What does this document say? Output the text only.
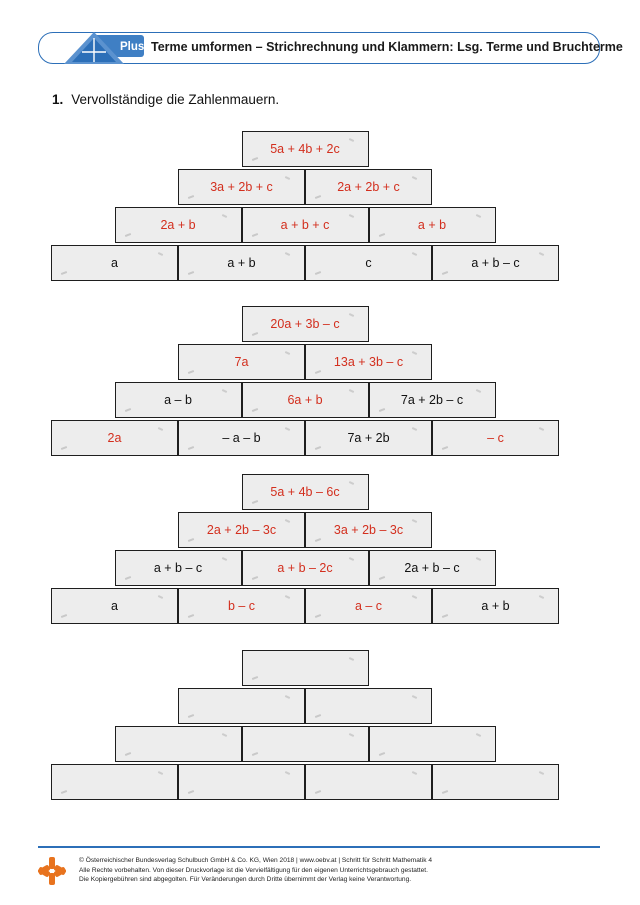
Plus Terme umformen – Strichrechnung und Klammern: Lsg. Terme und Bruchterme
1. Vervollständige die Zahlenmauern.
5a + 4b + 2c
3a + 2b + c	2a + 2b + c
2a + b	a + b + c	a + b
a	a + b	c	a + b – c
20a + 3b – c
7a	13a + 3b – c
a – b	6a + b	7a + 2b – c
2a	– a – b	7a + 2b	– c
5a + 4b – 6c
2a + 2b – 3c	3a + 2b – 3c
a + b – c	a + b – 2c	2a + b – c
a	b – c	a – c	a + b
© Österreichischer Bundesverlag Schulbuch GmbH & Co. KG, Wien 2018 | www.oebv.at | Schritt für Schritt Mathematik 4
Alle Rechte vorbehalten. Von dieser Druckvorlage ist die Vervielfältigung für den eigenen Unterrichtsgebrauch gestattet.
Die Kopiergebühren sind abgegolten. Für Veränderungen durch Dritte übernimmt der Verlag keine Verantwortung.
